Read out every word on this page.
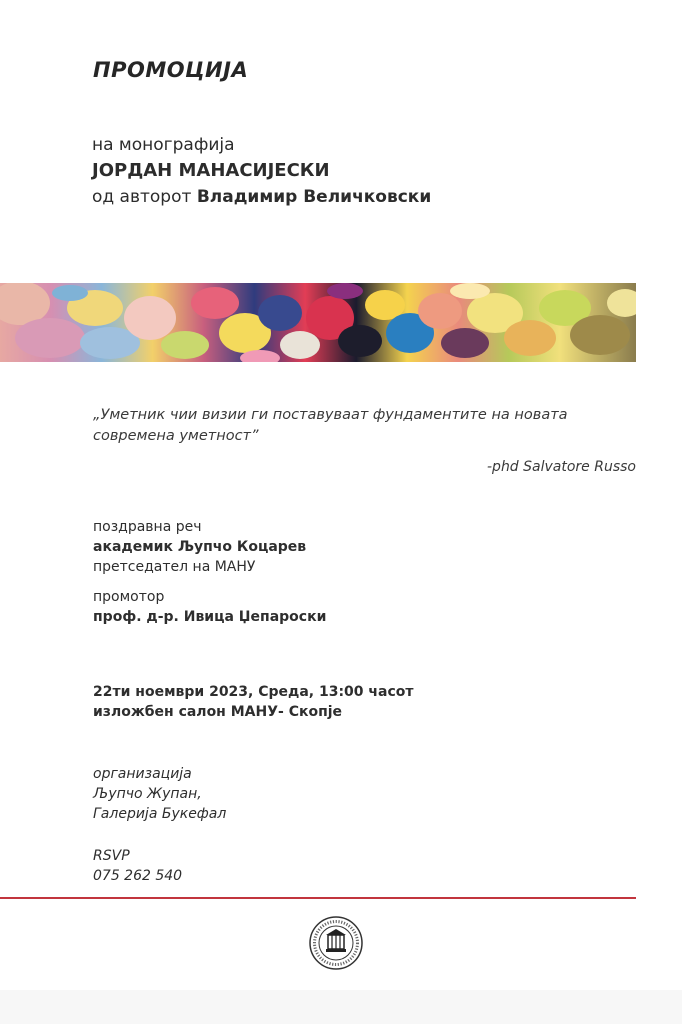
ПРОМОЦИЈА
на монографија
ЈОРДАН МАНАСИЈЕСКИ
од авторот Владимир Величковски
„Уметник чии визии ги поставуваат фундаментите на новата современа уметност”
-phd Salvatore Russo
поздравна реч
академик Љупчо Коцарев
претседател на МАНУ
промотор
проф. д-р. Ивица Џепароски
22ти ноември 2023, Среда, 13:00 часот
изложбен салон МАНУ- Скопје
организација
Љупчо Жупан,
Галерија Букефал
RSVP
075 262 540
